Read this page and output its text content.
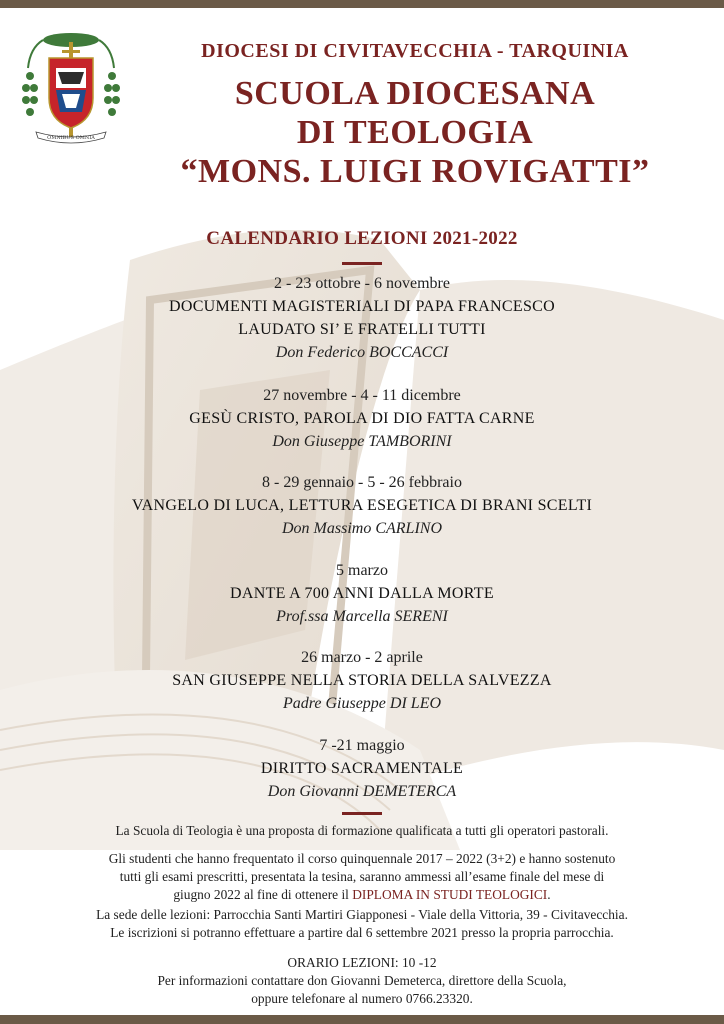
OMNIBUS OMNIA
DIOCESI DI CIVITAVECCHIA - TARQUINIA
SCUOLA DIOCESANA
DI TEOLOGIA
“MONS. LUIGI ROVIGATTI”
CALENDARIO LEZIONI 2021-2022
2 - 23 ottobre - 6 novembre
DOCUMENTI MAGISTERIALI DI PAPA FRANCESCO
LAUDATO SI’ E FRATELLI TUTTI
Don Federico BOCCACCI
27 novembre - 4 - 11 dicembre
GESÙ CRISTO, PAROLA DI DIO FATTA CARNE
Don Giuseppe TAMBORINI
8 - 29 gennaio - 5 - 26 febbraio
VANGELO DI LUCA, LETTURA ESEGETICA DI BRANI SCELTI
Don Massimo CARLINO
5 marzo
DANTE A 700 ANNI DALLA MORTE
Prof.ssa Marcella SERENI
26 marzo - 2 aprile
SAN GIUSEPPE NELLA STORIA DELLA SALVEZZA
Padre Giuseppe DI LEO
7 -21 maggio
DIRITTO SACRAMENTALE
Don Giovanni DEMETERCA
La Scuola di Teologia è una proposta di formazione qualificata a tutti gli operatori pastorali.
Gli studenti che hanno frequentato il corso quinquennale 2017 – 2022 (3+2) e hanno sostenuto
tutti gli esami prescritti, presentata la tesina, saranno ammessi all’esame finale del mese di
giugno 2022 al fine di ottenere il DIPLOMA IN STUDI TEOLOGICI.
La sede delle lezioni: Parrocchia Santi Martiri Giapponesi - Viale della Vittoria, 39 - Civitavecchia.
Le iscrizioni si potranno effettuare a partire dal 6 settembre 2021 presso la propria parrocchia.
ORARIO LEZIONI: 10 -12
Per informazioni contattare don Giovanni Demeterca, direttore della Scuola,
oppure telefonare al numero 0766.23320.
